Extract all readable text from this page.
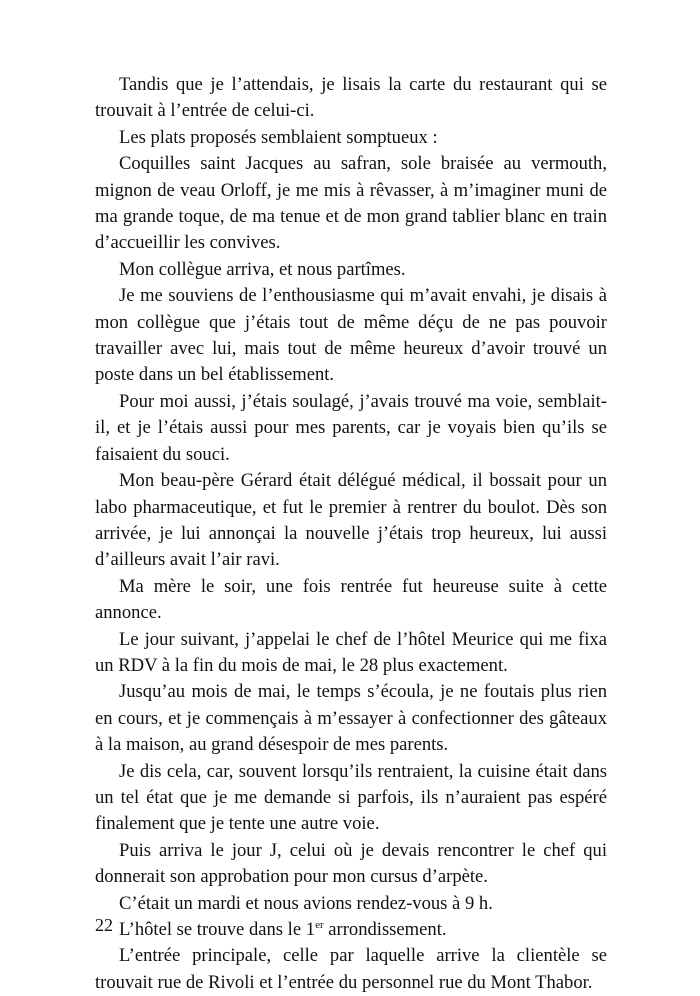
Tandis que je l’attendais, je lisais la carte du restaurant qui se trouvait à l’entrée de celui-ci.

Les plats proposés semblaient somptueux :

Coquilles saint Jacques au safran, sole braisée au vermouth, mignon de veau Orloff, je me mis à rêvasser, à m’imaginer muni de ma grande toque, de ma tenue et de mon grand tablier blanc en train d’accueillir les convives.

Mon collègue arriva, et nous partîmes.

Je me souviens de l’enthousiasme qui m’avait envahi, je disais à mon collègue que j’étais tout de même déçu de ne pas pouvoir travailler avec lui, mais tout de même heureux d’avoir trouvé un poste dans un bel établissement.

Pour moi aussi, j’étais soulagé, j’avais trouvé ma voie, semblait-il, et je l’étais aussi pour mes parents, car je voyais bien qu’ils se faisaient du souci.

Mon beau-père Gérard était délégué médical, il bossait pour un labo pharmaceutique, et fut le premier à rentrer du boulot. Dès son arrivée, je lui annonçai la nouvelle j’étais trop heureux, lui aussi d’ailleurs avait l’air ravi.

Ma mère le soir, une fois rentrée fut heureuse suite à cette annonce.

Le jour suivant, j’appelai le chef de l’hôtel Meurice qui me fixa un RDV à la fin du mois de mai, le 28 plus exactement.

Jusqu’au mois de mai, le temps s’écoula, je ne foutais plus rien en cours, et je commençais à m’essayer à confectionner des gâteaux à la maison, au grand désespoir de mes parents.

Je dis cela, car, souvent lorsqu’ils rentraient, la cuisine était dans un tel état que je me demande si parfois, ils n’auraient pas espéré finalement que je tente une autre voie.

Puis arriva le jour J, celui où je devais rencontrer le chef qui donnerait son approbation pour mon cursus d’arpète.

C’était un mardi et nous avions rendez-vous à 9 h.

L’hôtel se trouve dans le 1er arrondissement.

L’entrée principale, celle par laquelle arrive la clientèle se trouvait rue de Rivoli et l’entrée du personnel rue du Mont Thabor.

22
